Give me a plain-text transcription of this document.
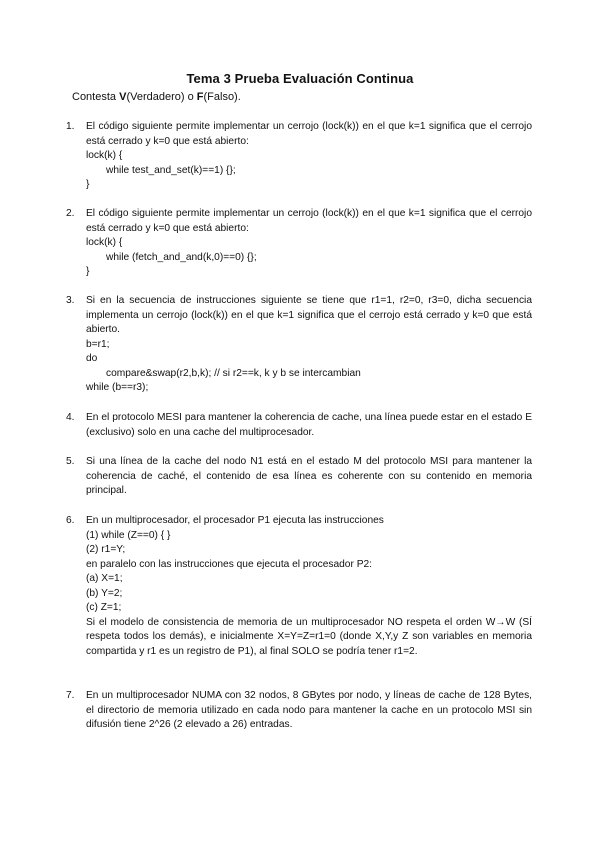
Tema 3 Prueba Evaluación Continua
Contesta V(Verdadero) o F(Falso).
1.	El código siguiente permite implementar un cerrojo (lock(k)) en el que k=1 significa que el cerrojo está cerrado y k=0 que está abierto:

lock(k) {

while test_and_set(k)==1) {};

}

2.	El código siguiente permite implementar un cerrojo (lock(k)) en el que k=1 significa que el cerrojo está cerrado y k=0 que está abierto:

lock(k) {

while (fetch_and_and(k,0)==0) {};

}

3.	Si en la secuencia de instrucciones siguiente se tiene que r1=1, r2=0, r3=0, dicha secuencia implementa un cerrojo (lock(k)) en el que k=1 significa que el cerrojo está cerrado y k=0 que está abierto.

b=r1;

do

compare&swap(r2,b,k); // si r2==k, k y b se intercambian

while (b==r3);

4.	En el protocolo MESI para mantener la coherencia de cache, una línea puede estar en el estado E (exclusivo) solo en una cache del multiprocesador.

5.	Si una línea de la cache del nodo N1 está en el estado M del protocolo MSI para mantener la coherencia de caché, el contenido de esa línea es coherente con su contenido en memoria principal.

6.	En un multiprocesador, el procesador P1 ejecuta las instrucciones

(1) while (Z==0) { }

(2) r1=Y;

en paralelo con las instrucciones que ejecuta el procesador P2:

(a) X=1;

(b) Y=2;

(c) Z=1;

Si el modelo de consistencia de memoria de un multiprocesador NO respeta el orden W→W (SÍ respeta todos los demás), e inicialmente X=Y=Z=r1=0 (donde X,Y,y Z son variables en memoria compartida y r1 es un registro de P1), al final SOLO se podría tener r1=2.

7.	En un multiprocesador NUMA con 32 nodos, 8 GBytes por nodo, y líneas de cache de 128 Bytes, el directorio de memoria utilizado en cada nodo para mantener la cache en un protocolo MSI sin difusión tiene 2^26 (2 elevado a 26) entradas.
